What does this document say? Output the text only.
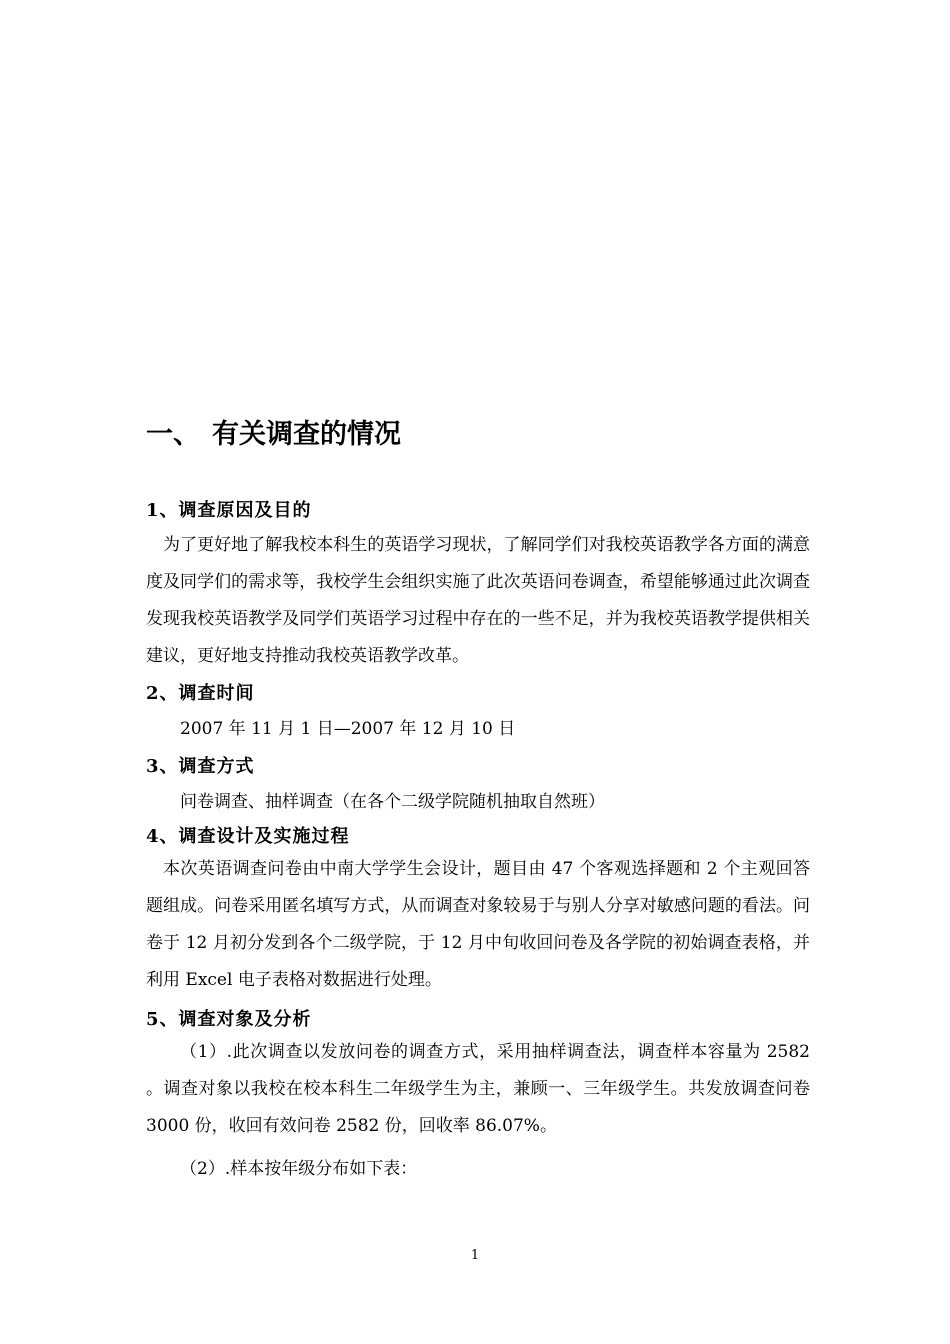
一、 有关调查的情况
1、调查原因及目的
为了更好地了解我校本科生的英语学习现状，了解同学们对我校英语教学各方面的满意度及同学们的需求等，我校学生会组织实施了此次英语问卷调查，希望能够通过此次调查发现我校英语教学及同学们英语学习过程中存在的一些不足，并为我校英语教学提供相关建议，更好地支持推动我校英语教学改革。
2、调查时间
2007 年 11 月 1 日—2007 年 12 月 10 日
3、调查方式
问卷调查、抽样调查（在各个二级学院随机抽取自然班）
4、调查设计及实施过程
本次英语调查问卷由中南大学学生会设计，题目由 47 个客观选择题和 2 个主观回答题组成。问卷采用匿名填写方式，从而调查对象较易于与别人分享对敏感问题的看法。问卷于 12 月初分发到各个二级学院，于 12 月中旬收回问卷及各学院的初始调查表格，并利用 Excel 电子表格对数据进行处理。
5、调查对象及分析
（1）.此次调查以发放问卷的调查方式，采用抽样调查法，调查样本容量为 2582 。调查对象以我校在校本科生二年级学生为主，兼顾一、三年级学生。共发放调查问卷 3000 份，收回有效问卷 2582 份，回收率 86.07%。
（2）.样本按年级分布如下表：
1
